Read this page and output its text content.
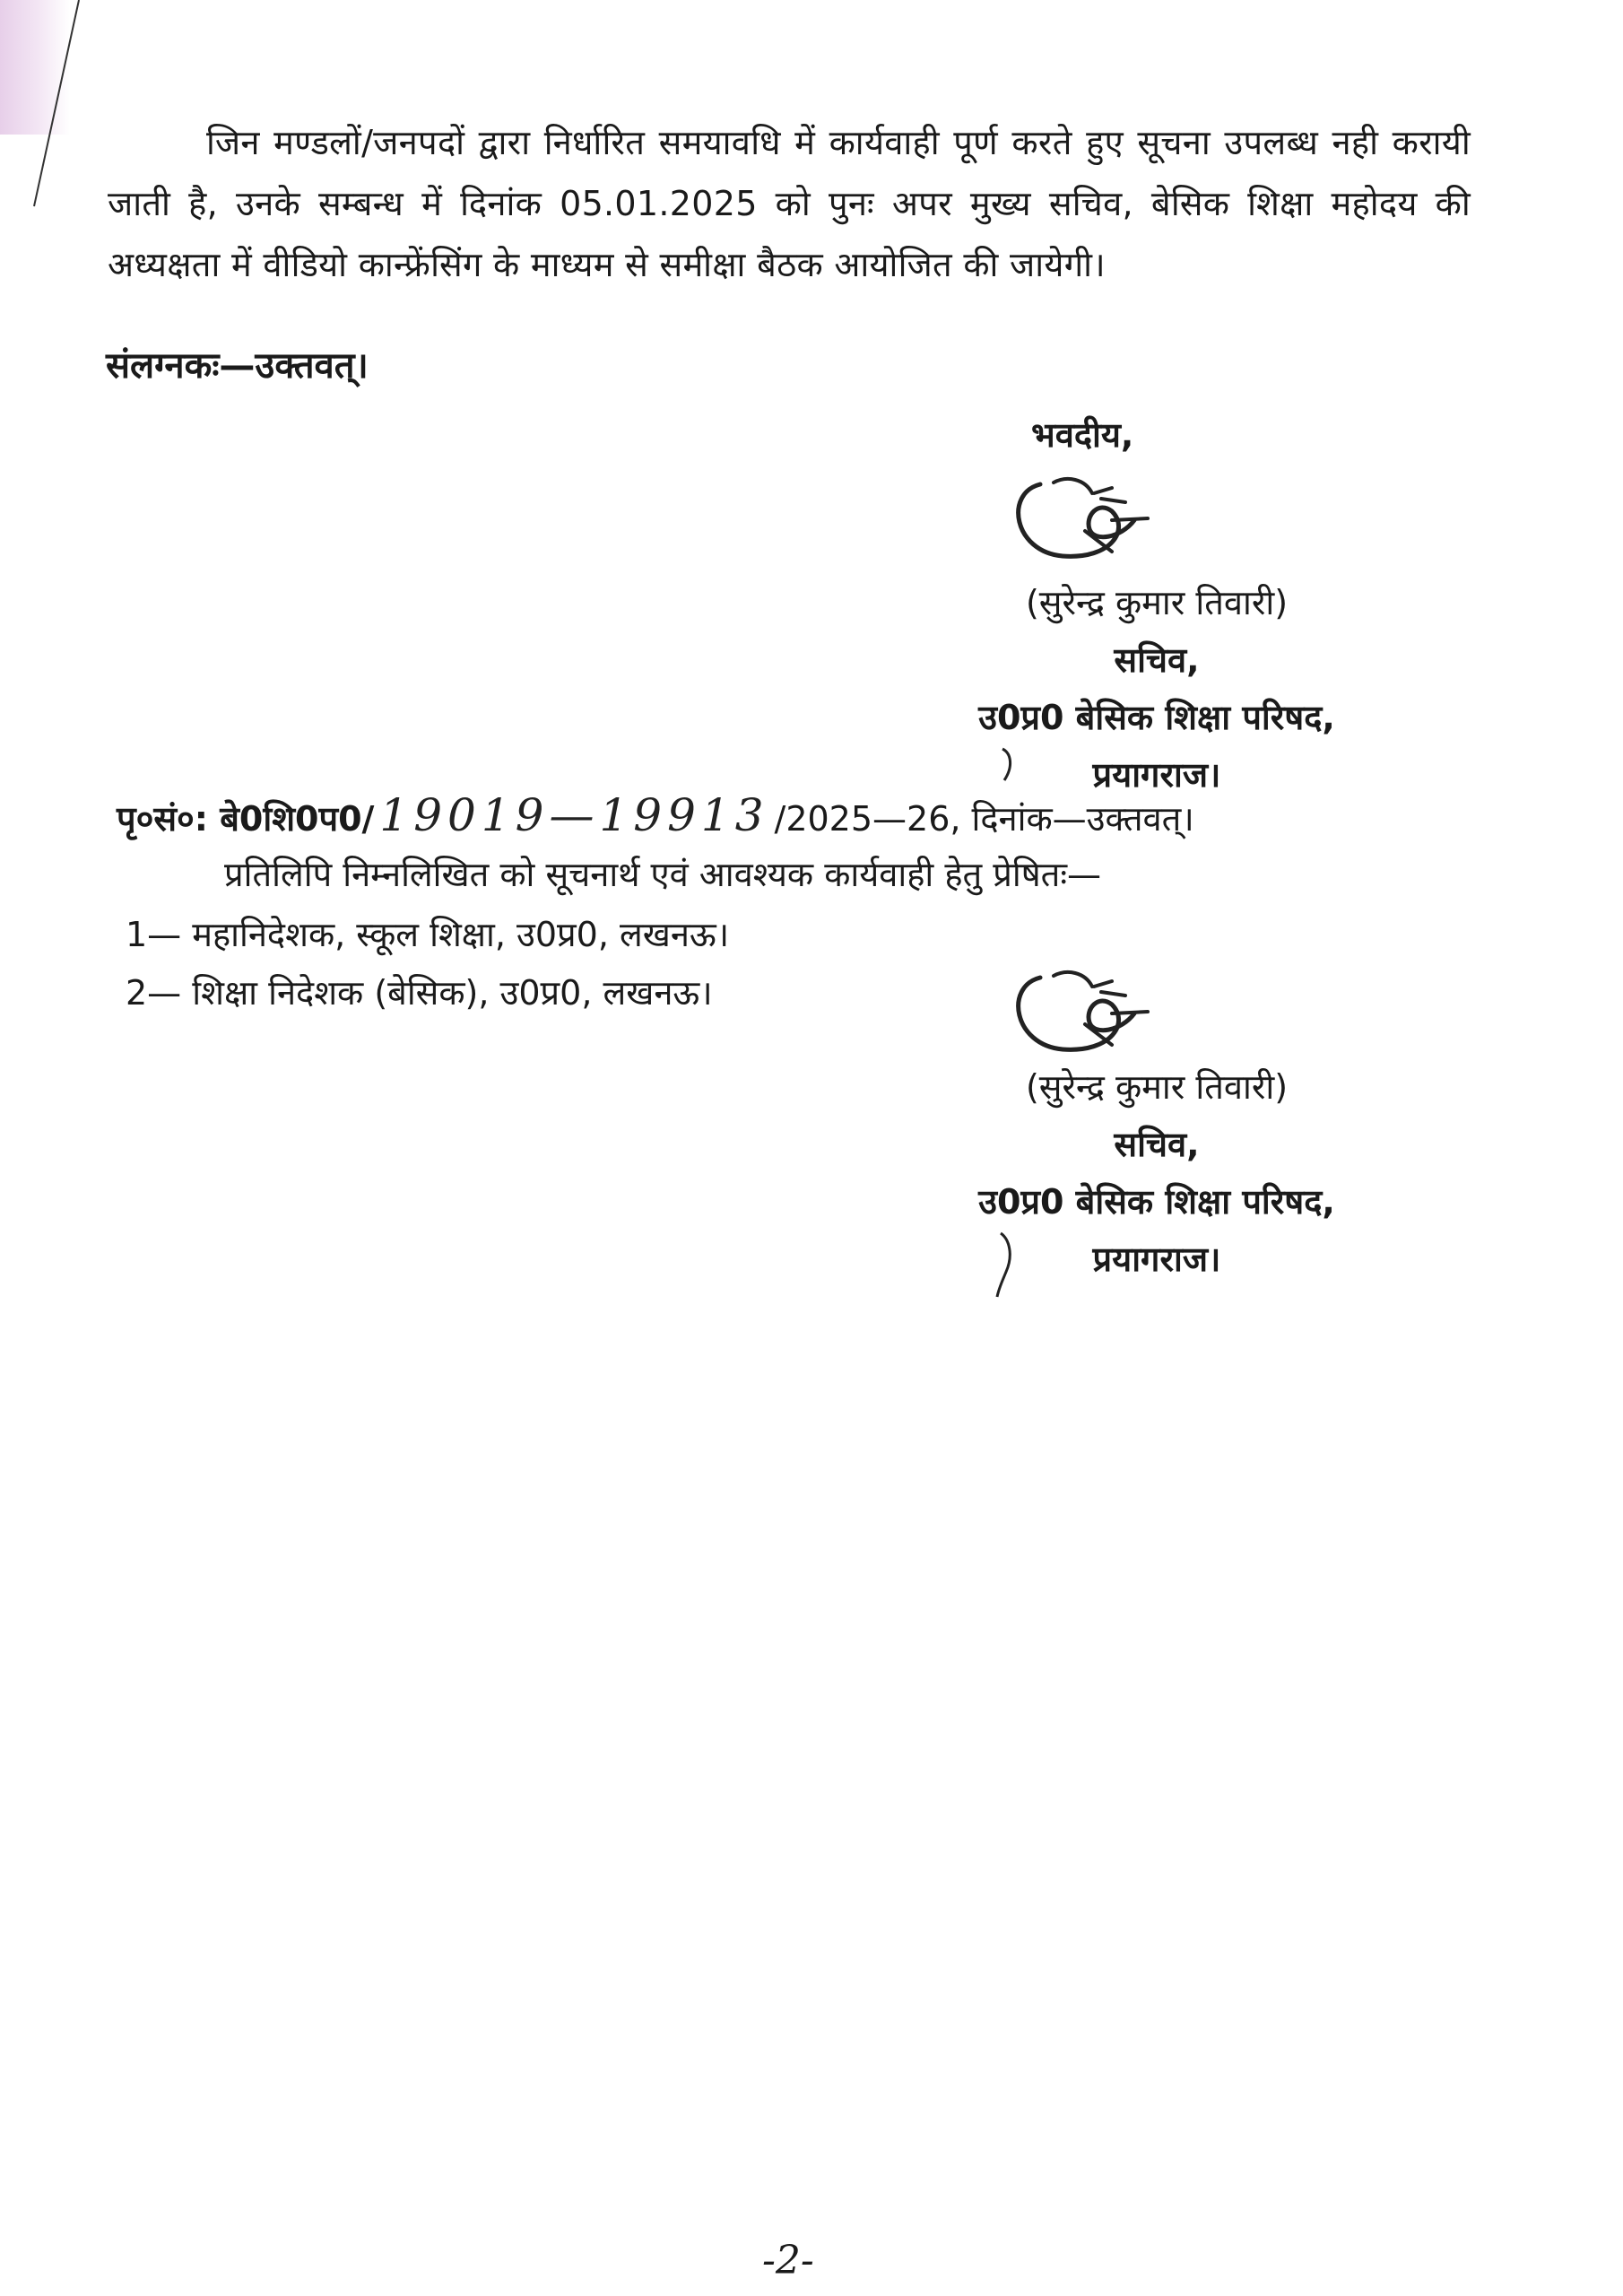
जिन मण्डलों/जनपदों द्वारा निर्धारित समयावधि में कार्यवाही पूर्ण करते हुए सूचना उपलब्ध नही करायी जाती है, उनके सम्बन्ध में दिनांक 05.01.2025 को पुनः अपर मुख्य सचिव, बेसिक शिक्षा महोदय की अध्यक्षता में वीडियो कान्फ्रेंसिंग के माध्यम से समीक्षा बैठक आयोजित की जायेगी।
संलग्नकः—उक्तवत्।
भवदीय,
(सुरेन्द्र कुमार तिवारी)
सचिव,
उ0प्र0 बेसिक शिक्षा परिषद,
प्रयागराज।
पृ०सं०: बे0शि0प0/ 19019—19913 /2025—26, दिनांक—उक्तवत्।
प्रतिलिपि निम्नलिखित को सूचनार्थ एवं आवश्यक कार्यवाही हेतु प्रेषितः—
1— महानिदेशक, स्कूल शिक्षा, उ0प्र0, लखनऊ।
2— शिक्षा निदेशक (बेसिक), उ0प्र0, लखनऊ।
(सुरेन्द्र कुमार तिवारी)
सचिव,
उ0प्र0 बेसिक शिक्षा परिषद,
प्रयागराज।
-2-
